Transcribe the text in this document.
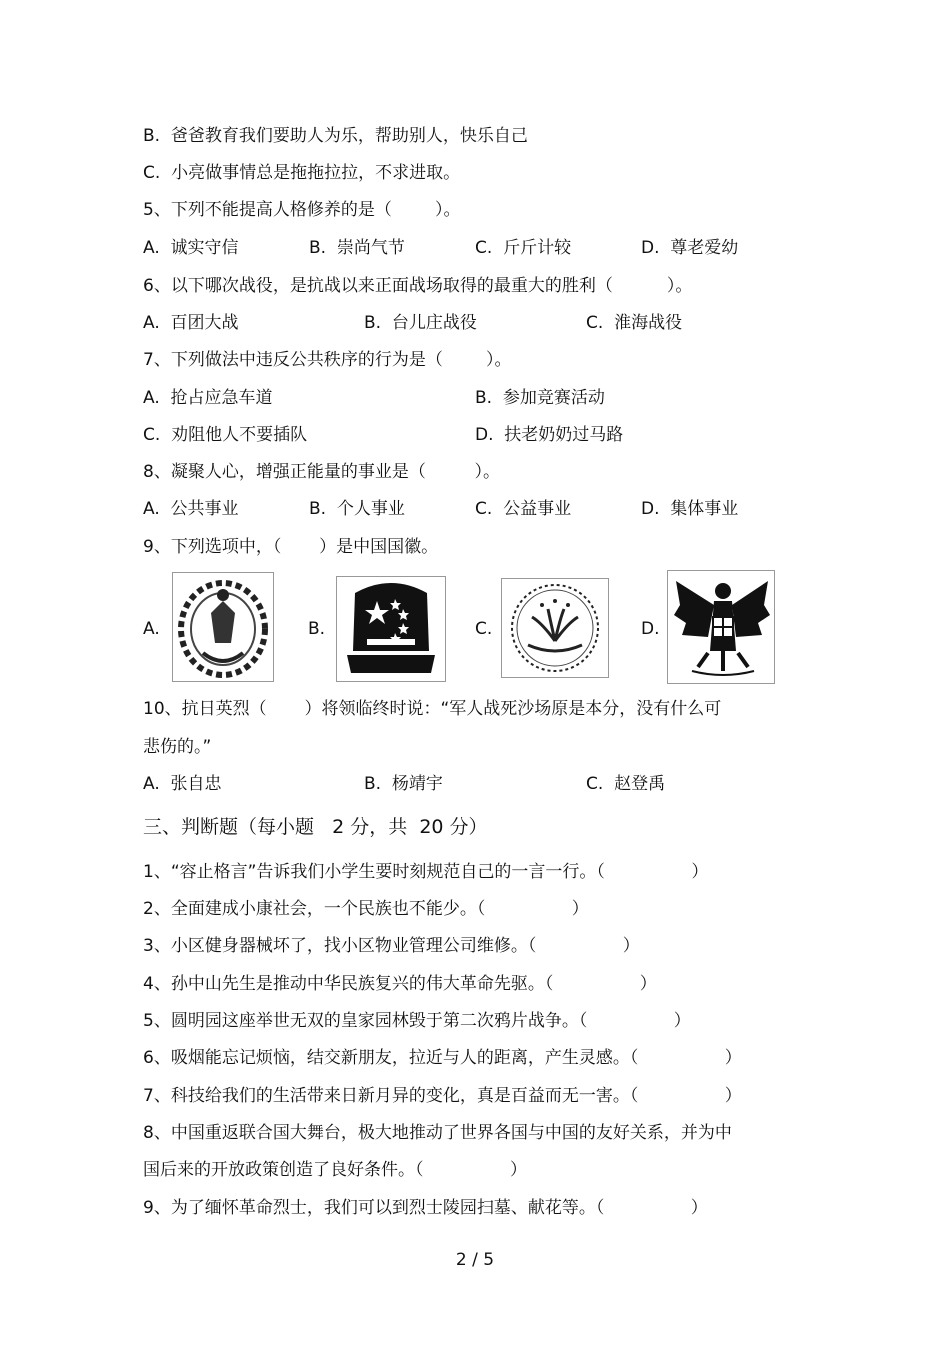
B.  爸爸教育我们要助人为乐，帮助别人，快乐自己
C.  小亮做事情总是拖拖拉拉，不求进取。
5、下列不能提高人格修养的是（        ）。
A.  诚实守信	B.  崇尚气节	C.  斤斤计较	D.  尊老爱幼
6、以下哪次战役，是抗战以来正面战场取得的最重大的胜利（          ）。
A.  百团大战	B.  台儿庄战役	C.  淮海战役
7、下列做法中违反公共秩序的行为是（        ）。
A.  抢占应急车道	B.  参加竞赛活动
C.  劝阻他人不要插队	D.  扶老奶奶过马路
8、凝聚人心，增强正能量的事业是（         ）。
A.  公共事业	B.  个人事业	C.  公益事业	D.  集体事业
9、下列选项中，（       ）是中国国徽。
A.	B.	C.	D.
10、抗日英烈（       ）将领临终时说：“军人战死沙场原是本分，没有什么可
悲伤的。”
A.  张自忠	B.  杨靖宇	C.  赵登禹
三、判断题（每小题   2 分，共  20 分）
1、“容止格言”告诉我们小学生要时刻规范自己的一言一行。（                ）
2、全面建成小康社会，一个民族也不能少。（                ）
3、小区健身器械坏了，找小区物业管理公司维修。（                ）
4、孙中山先生是推动中华民族复兴的伟大革命先驱。（                ）
5、圆明园这座举世无双的皇家园林毁于第二次鸦片战争。（                ）
6、吸烟能忘记烦恼，结交新朋友，拉近与人的距离，产生灵感。（                ）
7、科技给我们的生活带来日新月异的变化，真是百益而无一害。（                ）
8、中国重返联合国大舞台，极大地推动了世界各国与中国的友好关系，并为中
国后来的开放政策创造了良好条件。（                ）
9、为了缅怀革命烈士，我们可以到烈士陵园扫墓、献花等。（                ）
2 / 5
